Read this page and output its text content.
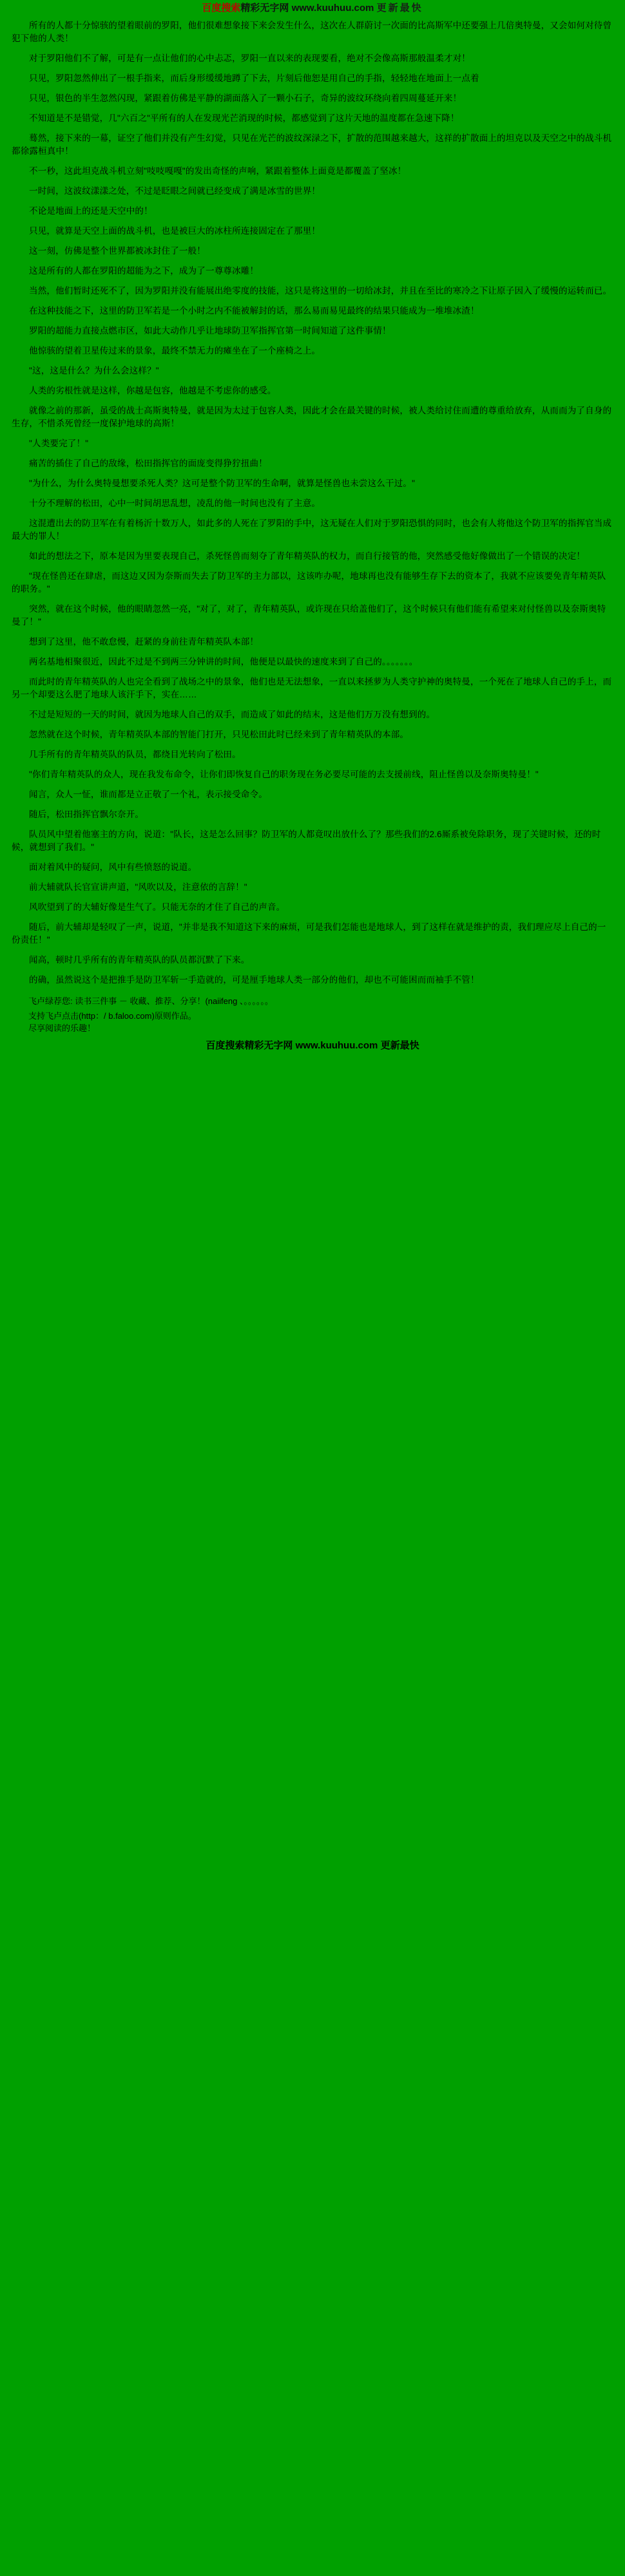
百度搜索精彩无字网 www.kuuhuu.com 更新最快

所有的人都十分惊骇的望着眼前的罗阳，他们很难想象接下来会发生什么，这次在人群蔚讨一次面的比高斯军中还要强上几倍奥特曼，又会如何对待曾犯下他的人类！

对于罗阳他们不了解，可是有一点让他们的心中忐忑，罗阳一直以来的表现要看，绝对不会像高斯那般温柔才对！

只见，罗阳忽然伸出了一根手指来，而后身形缓缓地蹲了下去，片刻后他恕是用自己的手指，轻轻地在地面上一点着

只见，银色的半生忽然闪现，紧跟着仿佛是平静的湖面落入了一颗小石子，奇异的波纹环绕向着四周蔓延开来！

不知道是不是错觉，几"六百之"平所有的人在发现光芒消现的时候，都感觉到了这片天地的温度都在急速下降！

蓦然，接下来的一幕，证空了他们并没有产生幻觉，只见在光芒的波纹深渌之下，扩散的范围越来越大，这祥的扩散面上的坦克以及天空之中的战斗机都徐露桓真中！

不一秒，这此坦克战斗机立刻"吱吱嘎嘎"的发出奇怪的声响，紧跟着整体上面竟是都覆盖了坚冰！

一时间，这波纹漾漾之处，不过是眨眼之间就已经变成了满是冰雪的世界！

不论是地面上的还是天空中的！

只见，就算是天空上面的战斗机，也是被巨大的冰柱所连接固定在了那里！

这一刻，仿佛是整个世界都被冰封住了一般！

这是所有的人都在罗阳的超能为之下，成为了一尊尊冰雕！

当然，他们暂时还死不了，因为罗阳并没有能展出绝零度的技能，这只是将这里的一切给冰封，并且在至比的寒冷之下让原子因入了缓慢的运转而已。

在这种技能之下，这里的防卫军若是一个小时之内不能被解封的话，那么易而易见最终的结果只能成为一堆堆冰渣！

罗阳的超能力直接点燃市区，如此大动作几乎让地球防卫军指挥官第一时间知道了这件事情！

他惊骇的望着卫星传过来的景象，最终不禁无力的瘫坐在了一个座椅之上。

"这，这是什么？为什么会这样？"

人类的劣根性就是这样，你越是包容，他越是不考虑你的感受。

就像之前的那新，虽受的战士高斯奥特曼，就是因为太过于包容人类，因此才会在最关键的时候，被人类给讨住而遭的尊重给放弃，从而而为了自身的生存，不惜杀死曾经一度保护地球的高斯！

"人类要完了！"

痛苦的插住了自己的敌缘，松田指挥官的面庞变得狰狞扭曲！

"为什么，为什么奥特曼想要杀死人类？这可是整个防卫军的生命啊，就算是怪兽也未尝这么干过。"

十分不理解的松田，心中一时间胡思乱想，凌乱的他一时间也没有了主意。

这混遭出去的防卫军在有着杨沂十数万人，如此多的人死在了罗阳的手中，这无疑在人们对于罗阳恐惧的同时，也会有人将他这个防卫军的指挥官当成最大的罪人！

如此的想法之下，原本是因为里要表现自己，杀死怪兽而刻夺了青年精英队的权力，而自行接管的他，突然感受他好像做出了一个错误的决定！

"现在怪兽还在肆虐，而这边又因为奈斯而失去了防卫军的主力部以，这该咋办呢，地球再也没有能够生存下去的资本了，我就不应该要免青年精英队的职务。"

突然，就在这个时候，他的眼睛忽然一亮，"对了，对了，青年精英队，或许现在只给盖他们了，这个时候只有他们能有希望来对付怪兽以及奈斯奥特曼了！"

想到了这里，他不敢怠慢，赶紧的身前往青年精英队本部！

两名基地相聚很近，因此不过是不到两三分钟讲的时间，他便是以最快的速度来到了自己的。。。。。。。

而此时的青年精英队的人也完全看到了战场之中的景象，他们也是无法想象，一直以来拯萝为人类守护神的奥特曼，一个死在了地球人自己的手上，而另一个却要这么肥了地球人该汗手下，实在……

不过是短短的一天的时间，就因为地球人自己的双手，而造成了如此的结末，这是他们万万没有想到的。

忽然就在这个时候，青年精英队本部的智能门打开，只见松田此时已经来到了青年精英队的本部。

几手所有的青年精英队的队员，都绕目光转向了松田。

"你们青年精英队的众人，现在我发布命令，让你们即恢复自己的职务现在务必要尽可能的去支援前线，阻止怪兽以及奈斯奥特曼！"

闻言，众人一怔，谁而都是立正敬了一个礼，表示接受命令。

随后，松田指挥官飘尔奈开。

队员风中望着他塞主的方向，说道："队长，这是怎么回事？防卫军的人都竟叹出放什么了？那些我们的2.6厮系被免除职务，现了关键时候，还的时候，就想到了我们。"

面对着风中的疑问，风中有些愤怒的说道。

前大辅就队长官宣讲声道，"风吹以及，注意依的言辞！"

风吹望到了的大辅好像是生气了。只能无奈的才住了自己的声音。

随后，前大辅却是轻叹了一声，说道，"并非是我不知道这下来的麻烦，可是我们怎能也是地球人，到了这样在就是维护的责，我们理应尽上自己的一份责任！"

闻高，顿时几乎所有的青年精英队的队员都沉默了下来。

的确，虽然说这个是把推手是防卫军斩一手造就的，可是厘手地球人类一部分的他们，却也不可能困而而袖手不管！

飞卢绿荐您: 读书三件事 － 收藏、推荐、分享！(naiifeng 、。。。。。。

支持飞卢点击(http：/ b.faloo.com)原则作品。

尽享阅读的乐趣！

百度搜索精彩无字网 www.kuuhuu.com 更新最快
